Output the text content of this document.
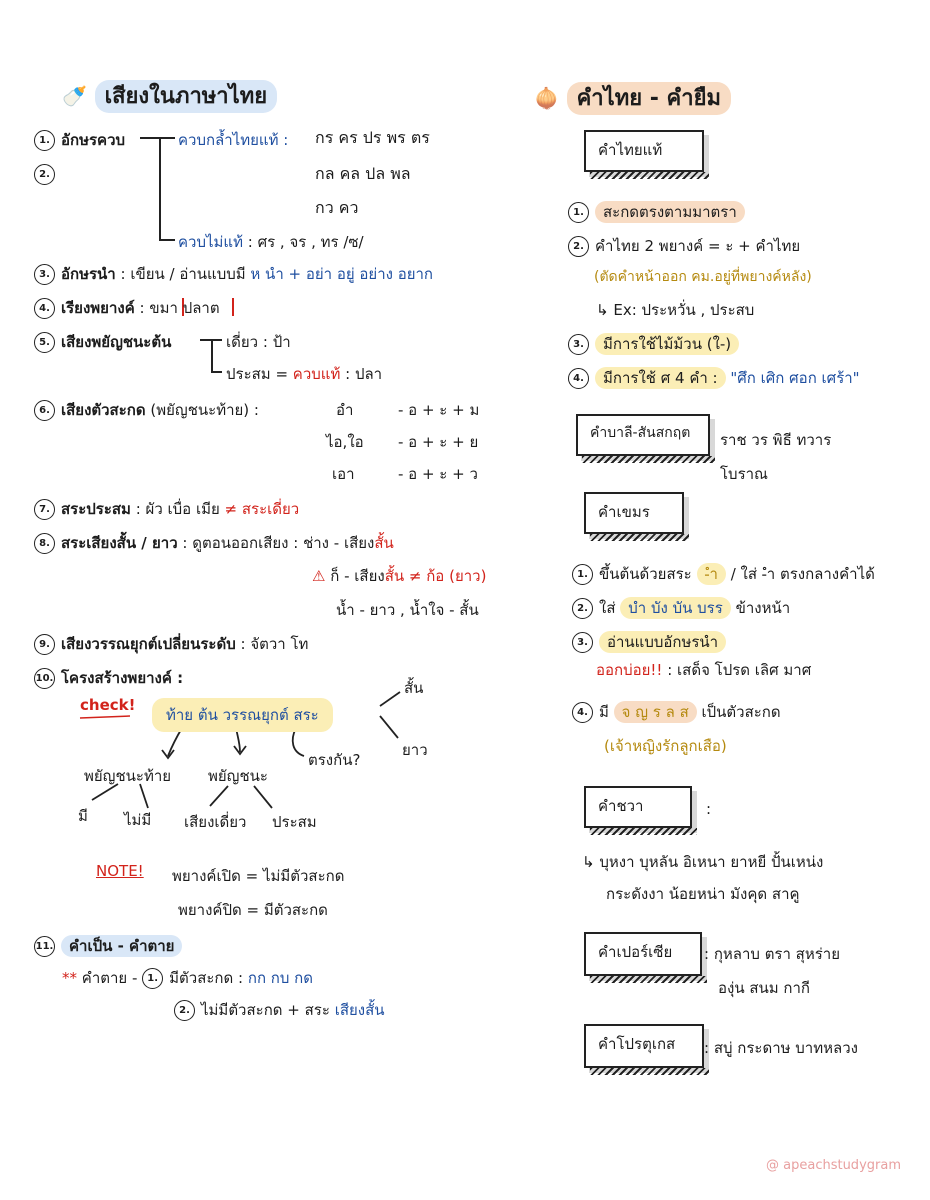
🍼 เสียงในภาษาไทย
1. อักษรควบ	ควบกล้ำไทยแท้ : กร คร ปร พร ตร
กล คล ปล พล
กว คว
2.
ควบไม่แท้ : ศร , จร , ทร /ซ/
3. อักษรนำ : เขียน / อ่านแบบมี ห นำ + อย่า อยู่ อย่าง อยาก
4. เรียงพยางค์ : ขมา ปลาต
5. เสียงพยัญชนะต้น	เดี่ยว : ป้า
ประสม = ควบแท้ : ปลา
6. เสียงตัวสะกด (พยัญชนะท้าย) :	อำ	- อ + ะ + ม
ไอ,ใอ - อ + ะ + ย
เอา	- อ + ะ + ว
7. สระประสม : ผัว เบื่อ เมีย ≠ สระเดี่ยว
8. สระเสียงสั้น / ยาว : ดูตอนออกเสียง : ช่าง - เสียงสั้น
⚠ ก็ - เสียงสั้น ≠ ก้อ (ยาว)
น้ำ - ยาว , น้ำใจ - สั้น
9. เสียงวรรณยุกต์เปลี่ยนระดับ : จัตวา โท
10. โครงสร้างพยางค์ :
check!
ท้าย ต้น วรรณยุกต์ สระ
สั้น
ยาว
พยัญชนะท้าย พยัญชนะ
ตรงกัน?
มี ไม่มี เสียงเดี่ยว ประสม
NOTE! พยางค์เปิด = ไม่มีตัวสะกด
พยางค์ปิด = มีตัวสะกด
11. คำเป็น - คำตาย
** คำตาย - 1. มีตัวสะกด : กก กบ กด
2. ไม่มีตัวสะกด + สระ เสียงสั้น
🧅 คำไทย - คำยืม
คำไทยแท้
1. สะกดตรงตามมาตรา
2. คำไทย 2 พยางค์ = ะ + คำไทย
(ตัดคำหน้าออก คม.อยู่ที่พยางค์หลัง)
↳ Ex: ประหวั่น , ประสบ
3. มีการใช้ไม้ม้วน (ใ-)
4. มีการใช้ ศ 4 คำ : "ศึก เศิก ศอก เศร้า"
คำบาลี-สันสกฤต	ราช วร พิธี ทวาร
โบราณ
คำเขมร
1. ขึ้นต้นด้วยสระ -ำ / ใส่ -ำ ตรงกลางคำได้
2. ใส่ บำ บัง บัน บรร ข้างหน้า
3. อ่านแบบอักษรนำ
ออกบ่อย!! : เสด็จ โปรด เลิศ มาศ
4. มี จ ญ ร ล ส เป็นตัวสะกด
(เจ้าหญิงรักลูกเสือ)
คำชวา	:
↳ บุหงา บุหลัน อิเหนา ยาหยี ปั้นเหน่ง
กระดังงา น้อยหน่า มังคุด สาคู
คำเปอร์เซีย	: กุหลาบ ตรา สุหร่าย
องุ่น สนม กากี
คำโปรตุเกส	: สบู่ กระดาษ บาทหลวง
@ apeachstudygram
